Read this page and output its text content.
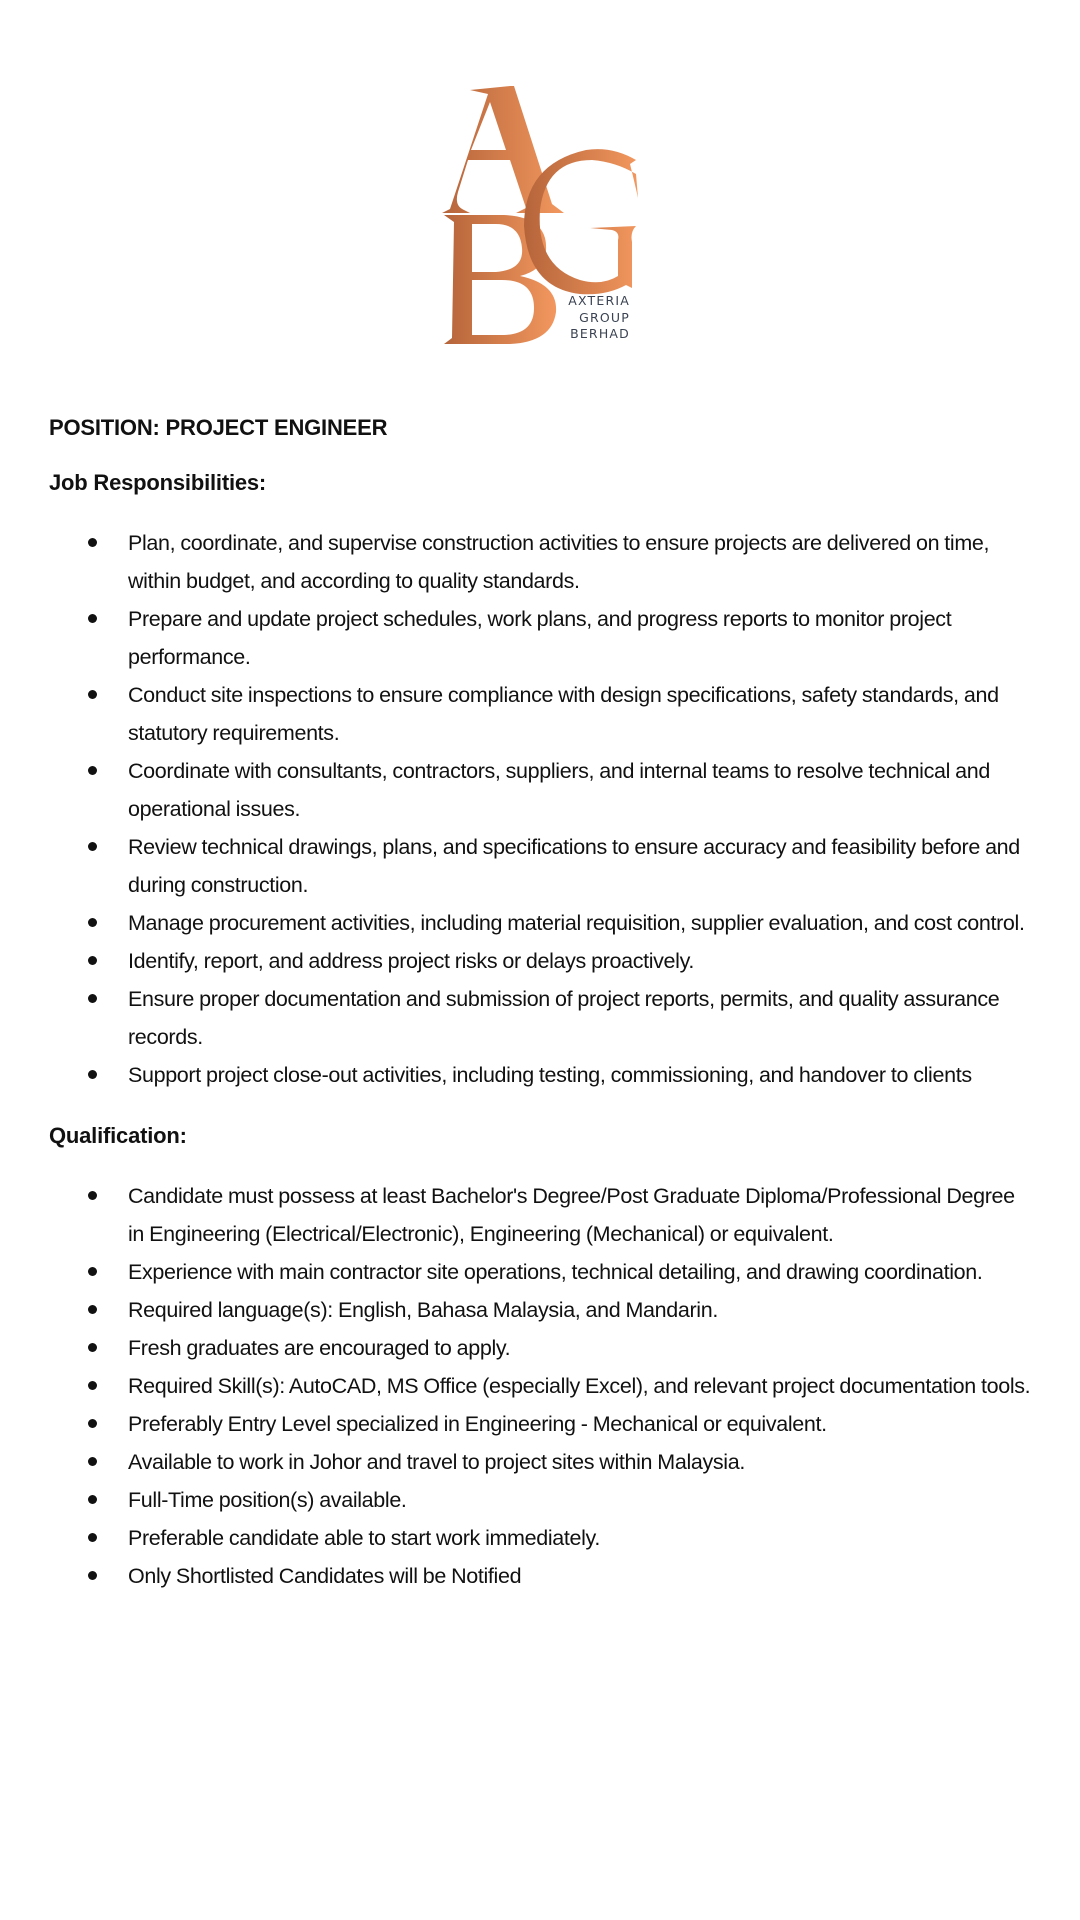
AXTERIA
GROUP
BERHAD

POSITION: PROJECT ENGINEER

Job Responsibilities:

Plan, coordinate, and supervise construction activities to ensure projects are delivered on time, within budget, and according to quality standards.
Prepare and update project schedules, work plans, and progress reports to monitor project performance.
Conduct site inspections to ensure compliance with design specifications, safety standards, and statutory requirements.
Coordinate with consultants, contractors, suppliers, and internal teams to resolve technical and operational issues.
Review technical drawings, plans, and specifications to ensure accuracy and feasibility before and during construction.
Manage procurement activities, including material requisition, supplier evaluation, and cost control.
Identify, report, and address project risks or delays proactively.
Ensure proper documentation and submission of project reports, permits, and quality assurance records.
Support project close-out activities, including testing, commissioning, and handover to clients

Qualification:

Candidate must possess at least Bachelor's Degree/Post Graduate Diploma/Professional Degree in Engineering (Electrical/Electronic), Engineering (Mechanical) or equivalent.
Experience with main contractor site operations, technical detailing, and drawing coordination.
Required language(s): English, Bahasa Malaysia, and Mandarin.
Fresh graduates are encouraged to apply.
Required Skill(s): AutoCAD, MS Office (especially Excel), and relevant project documentation tools.
Preferably Entry Level specialized in Engineering - Mechanical or equivalent.
Available to work in Johor and travel to project sites within Malaysia.
Full-Time position(s) available.
Preferable candidate able to start work immediately.
Only Shortlisted Candidates will be Notified
